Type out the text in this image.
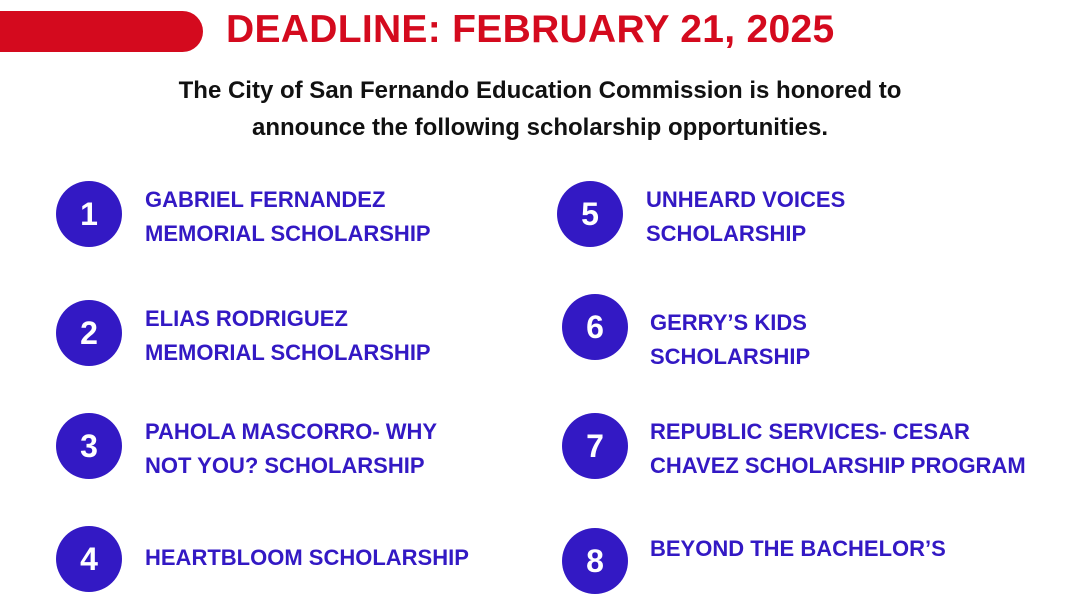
DEADLINE: FEBRUARY 21, 2025
The City of San Fernando Education Commission is honored to
announce the following scholarship opportunities.
1	GABRIEL FERNANDEZ
MEMORIAL SCHOLARSHIP
2	ELIAS RODRIGUEZ
MEMORIAL SCHOLARSHIP
3	PAHOLA MASCORRO- WHY
NOT YOU? SCHOLARSHIP
4	HEARTBLOOM SCHOLARSHIP
5	UNHEARD VOICES
SCHOLARSHIP
6	GERRY’S KIDS
SCHOLARSHIP
7	REPUBLIC SERVICES- CESAR
CHAVEZ SCHOLARSHIP PROGRAM
8	BEYOND THE BACHELOR’S
